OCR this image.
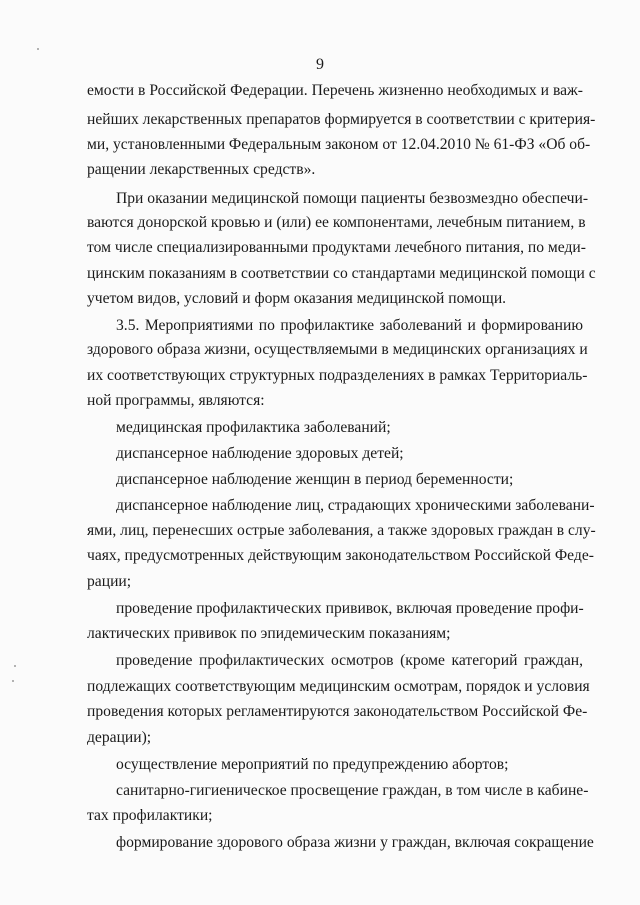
9
емости в Российской Федерации. Перечень жизненно необходимых и важ-
нейших лекарственных препаратов формируется в соответствии с критерия-
ми, установленными Федеральным законом от 12.04.2010 № 61-ФЗ «Об об-
ращении лекарственных средств».
При оказании медицинской помощи пациенты безвозмездно обеспечи-
ваются донорской кровью и (или) ее компонентами, лечебным питанием, в
том числе специализированными продуктами лечебного питания, по меди-
цинским показаниям в соответствии со стандартами медицинской помощи с
учетом видов, условий и форм оказания медицинской помощи.
3.5. Мероприятиями по профилактике заболеваний и формированию
здорового образа жизни, осуществляемыми в медицинских организациях и
их соответствующих структурных подразделениях в рамках Территориаль-
ной программы, являются:
медицинская профилактика заболеваний;
диспансерное наблюдение здоровых детей;
диспансерное наблюдение женщин в период беременности;
диспансерное наблюдение лиц, страдающих хроническими заболевани-
ями, лиц, перенесших острые заболевания, а также здоровых граждан в слу-
чаях, предусмотренных действующим законодательством Российской Феде-
рации;
проведение профилактических прививок, включая проведение профи-
лактических прививок по эпидемическим показаниям;
проведение профилактических осмотров (кроме категорий граждан,
подлежащих соответствующим медицинским осмотрам, порядок и условия
проведения которых регламентируются законодательством Российской Фе-
дерации);
осуществление мероприятий по предупреждению абортов;
санитарно-гигиеническое просвещение граждан, в том числе в кабине-
тах профилактики;
формирование здорового образа жизни у граждан, включая сокращение
